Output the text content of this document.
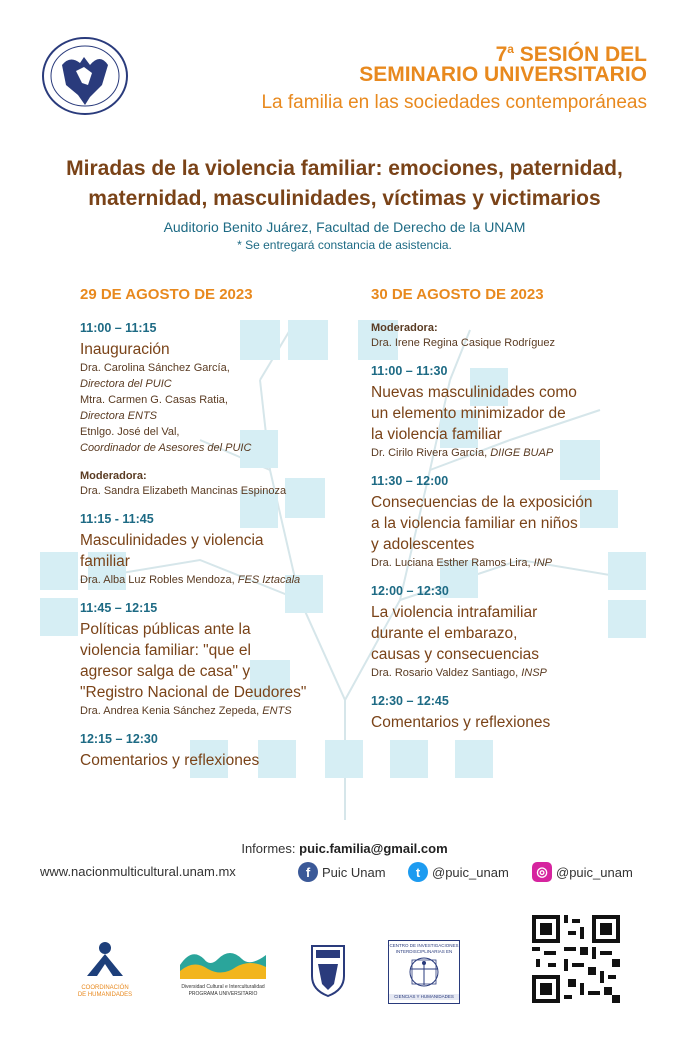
7$^a$ SESIÓN DEL
SEMINARIO UNIVERSITARIO
La familia en las sociedades contemporáneas
Miradas de la violencia familiar: emociones, paternidad,
maternidad, masculinidades, víctimas y victimarios
Auditorio Benito Juárez, Facultad de Derecho de la UNAM
* Se entregará constancia de asistencia.
29 DE AGOSTO DE 2023
11:00 – 11:15
Inauguración
Dra. Carolina Sánchez García,
Directora del PUIC
Mtra. Carmen G. Casas Ratia,
Directora ENTS
Etnlgo. José del Val,
Coordinador de Asesores del PUIC
Moderadora:
Dra. Sandra Elizabeth Mancinas Espinoza
11:15 - 11:45
Masculinidades y violencia
familiar
Dra. Alba Luz Robles Mendoza, FES Iztacala
11:45 – 12:15
Políticas públicas ante la
violencia familiar: "que el
agresor salga de casa" y
"Registro Nacional de Deudores"
Dra. Andrea Kenia Sánchez Zepeda, ENTS
12:15 – 12:30
Comentarios y reflexiones
30 DE AGOSTO DE 2023
Moderadora:
Dra. Irene Regina Casique Rodríguez
11:00 – 11:30
Nuevas masculinidades como
un elemento minimizador de
la violencia familiar
Dr. Cirilo Rivera García, DIIGE BUAP
11:30 – 12:00
Consecuencias de la exposición
a la violencia familiar en niños
y adolescentes
Dra. Luciana Esther Ramos Lira, INP
12:00 – 12:30
La violencia intrafamiliar
durante el embarazo,
causas y consecuencias
Dra. Rosario Valdez Santiago, INSP
12:30 – 12:45
Comentarios y reflexiones
Informes: puic.familia@gmail.com
www.nacionmulticultural.unam.mx	f Puic Unam	t @puic_unam	◎ @puic_unam
COORDINACIÓN
DE HUMANIDADES
Diversidad Cultural e Interculturalidad
PROGRAMA UNIVERSITARIO
CENTRO DE INVESTIGACIONES
INTERDISCIPLINARIAS EN
CIENCIAS Y HUMANIDADES
